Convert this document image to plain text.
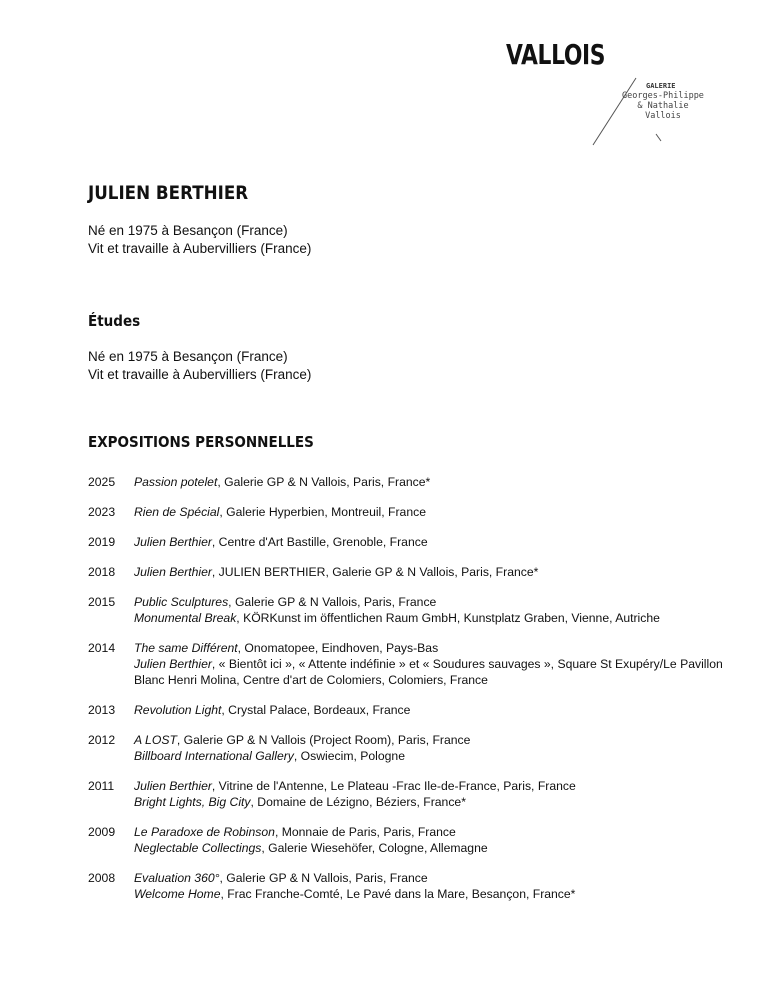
VALLOIS
GALERIE
Georges-Philippe
& Nathalie
Vallois
JULIEN BERTHIER
Né en 1975 à Besançon (France)
Vit et travaille à Aubervilliers (France)
Études
Né en 1975 à Besançon (France)
Vit et travaille à Aubervilliers (France)
EXPOSITIONS PERSONNELLES
2025	Passion potelet, Galerie GP & N Vallois, Paris, France*
2023	Rien de Spécial, Galerie Hyperbien, Montreuil, France
2019	Julien Berthier, Centre d'Art Bastille, Grenoble, France
2018	Julien Berthier, JULIEN BERTHIER, Galerie GP & N Vallois, Paris, France*
2015	Public Sculptures, Galerie GP & N Vallois, Paris, France
Monumental Break, KÖRKunst im öffentlichen Raum GmbH, Kunstplatz Graben, Vienne, Autriche
2014	The same Différent, Onomatopee, Eindhoven, Pays-Bas
Julien Berthier, « Bientôt ici », « Attente indéfinie » et « Soudures sauvages », Square St Exupéry/Le Pavillon Blanc Henri Molina, Centre d'art de Colomiers, Colomiers, France
2013	Revolution Light, Crystal Palace, Bordeaux, France
2012	A LOST, Galerie GP & N Vallois (Project Room), Paris, France
Billboard International Gallery, Oswiecim, Pologne
2011	Julien Berthier, Vitrine de l'Antenne, Le Plateau -Frac Ile-de-France, Paris, France
Bright Lights, Big City, Domaine de Lézigno, Béziers, France*
2009	Le Paradoxe de Robinson, Monnaie de Paris, Paris, France
Neglectable Collectings, Galerie Wiesehöfer, Cologne, Allemagne
2008	Evaluation 360°, Galerie GP & N Vallois, Paris, France
Welcome Home, Frac Franche-Comté, Le Pavé dans la Mare, Besançon, France*
